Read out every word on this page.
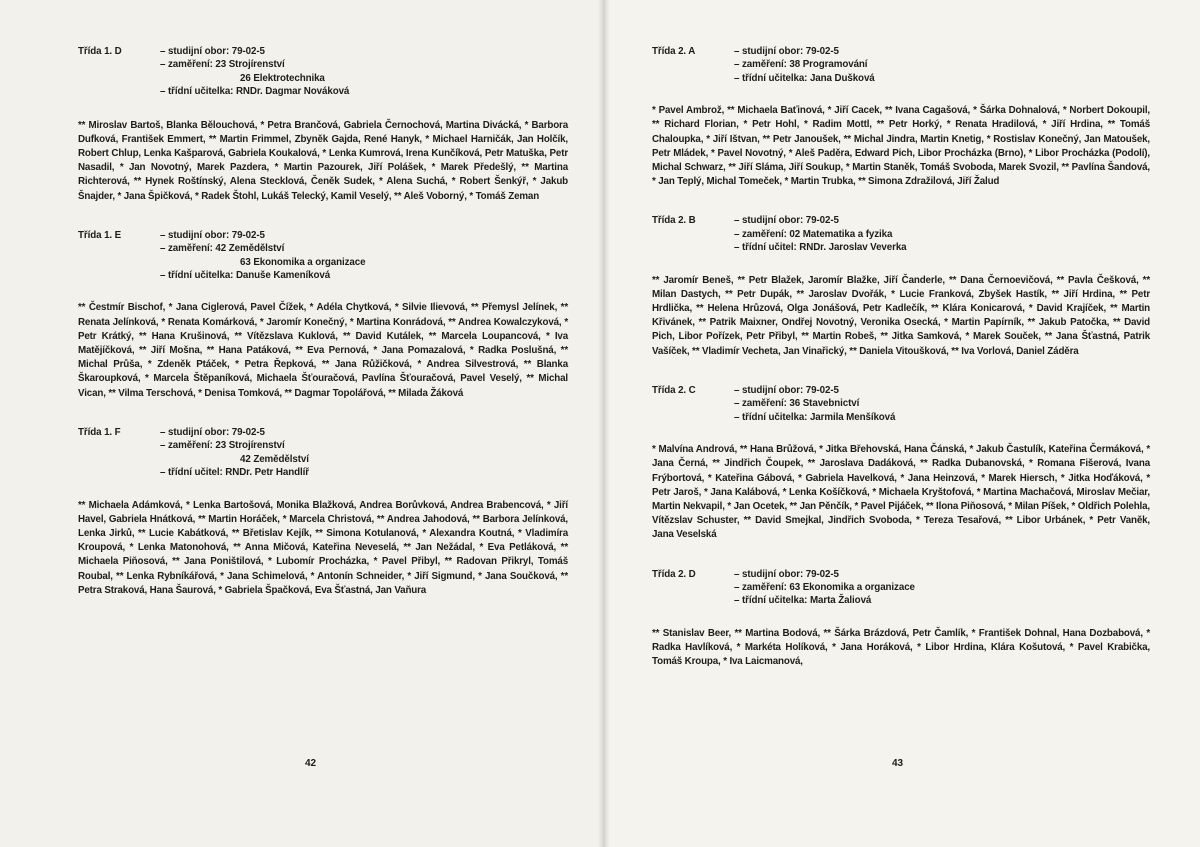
Třída 1. D	– studijní obor: 79-02-5
– zaměření: 23 Strojírenství
26 Elektrotechnika
– třídní učitelka: RNDr. Dagmar Nováková
** Miroslav Bartoš, Blanka Bělouchová, * Petra Brančová, Gabriela Černochová, Martina Divácká, * Barbora Dufková, František Emmert, ** Martin Frimmel, Zbyněk Gajda, René Hanyk, * Michael Harničák, Jan Holčík, Robert Chlup, Lenka Kašparová, Gabriela Koukalová, * Lenka Kumrová, Irena Kunčíková, Petr Matuška, Petr Nasadil, * Jan Novotný, Marek Pazdera, * Martin Pazourek, Jiří Polášek, * Marek Předešlý, ** Martina Richterová, ** Hynek Roštínský, Alena Stecklová, Čeněk Sudek, * Alena Suchá, * Robert Šenkýř, * Jakub Šnajder, * Jana Špičková, * Radek Štohl, Lukáš Telecký, Kamil Veselý, ** Aleš Voborný, * Tomáš Zeman
Třída 1. E	– studijní obor: 79-02-5
– zaměření: 42 Zemědělství
63 Ekonomika a organizace
– třídní učitelka: Danuše Kameníková
** Čestmír Bischof, * Jana Ciglerová, Pavel Čížek, * Adéla Chytková, * Silvie Ilievová, ** Přemysl Jelínek, ** Renata Jelínková, * Renata Komárková, * Jaromír Konečný, * Martina Konrádová, ** Andrea Kowalczyková, * Petr Krátký, ** Hana Krušinová, ** Vítězslava Kuklová, ** David Kutálek, ** Marcela Loupancová, * Iva Matějíčková, ** Jiří Mošna, ** Hana Patáková, ** Eva Pernová, * Jana Pomazalová, * Radka Poslušná, ** Michal Průša, * Zdeněk Ptáček, * Petra Řepková, ** Jana Růžičková, * Andrea Silvestrová, ** Blanka Škaroupková, * Marcela Štěpaníková, Michaela Šťouračová, Pavlína Šťouračová, Pavel Veselý, ** Michal Vican, ** Vilma Terschová, * Denisa Tomková, ** Dagmar Topolářová, ** Milada Žáková
Třída 1. F	– studijní obor: 79-02-5
– zaměření: 23 Strojírenství
42 Zemědělství
– třídní učitel: RNDr. Petr Handlíř
** Michaela Adámková, * Lenka Bartošová, Monika Blažková, Andrea Borůvková, Andrea Brabencová, * Jiří Havel, Gabriela Hnátková, ** Martin Horáček, * Marcela Christová, ** Andrea Jahodová, ** Barbora Jelínková, Lenka Jirků, ** Lucie Kabátková, ** Břetislav Kejík, ** Simona Kotulanová, * Alexandra Koutná, * Vladimíra Kroupová, * Lenka Matonohová, ** Anna Mičová, Kateřina Neveselá, ** Jan Nežádal, * Eva Petláková, ** Michaela Piňosová, ** Jana Poništilová, * Lubomír Procházka, * Pavel Přibyl, ** Radovan Přikryl, Tomáš Roubal, ** Lenka Rybníkářová, * Jana Schimelová, * Antonín Schneider, * Jiří Sigmund, * Jana Součková, ** Petra Straková, Hana Šaurová, * Gabriela Špačková, Eva Šťastná, Jan Vaňura
42
Třída 2. A	– studijní obor: 79-02-5
– zaměření: 38 Programování
– třídní učitelka: Jana Dušková
* Pavel Ambrož, ** Michaela Baťinová, * Jiří Cacek, ** Ivana Cagašová, * Šárka Dohnalová, * Norbert Dokoupil, ** Richard Florian, * Petr Hohl, * Radim Mottl, ** Petr Horký, * Renata Hradilová, * Jiří Hrdina, ** Tomáš Chaloupka, * Jiří Ištvan, ** Petr Janoušek, ** Michal Jindra, Martin Knetig, * Rostislav Konečný, Jan Matoušek, Petr Mládek, * Pavel Novotný, * Aleš Paděra, Edward Pich, Libor Procházka (Brno), * Libor Procházka (Podolí), Michal Schwarz, ** Jiří Sláma, Jiří Soukup, * Martin Staněk, Tomáš Svoboda, Marek Svozil, ** Pavlína Šandová, * Jan Teplý, Michal Tomeček, * Martin Trubka, ** Simona Zdražilová, Jiří Žalud
Třída 2. B	– studijní obor: 79-02-5
– zaměření: 02 Matematika a fyzika
– třídní učitel: RNDr. Jaroslav Veverka
** Jaromír Beneš, ** Petr Blažek, Jaromír Blažke, Jiří Čanderle, ** Dana Černoevičová, ** Pavla Češková, ** Milan Dastych, ** Petr Dupák, ** Jaroslav Dvořák, * Lucie Franková, Zbyšek Hastík, ** Jiří Hrdina, ** Petr Hrdlička, ** Helena Hrůzová, Olga Jonášová, Petr Kadlečík, ** Klára Konicarová, * David Krajíček, ** Martin Křivánek, ** Patrik Maixner, Ondřej Novotný, Veronika Osecká, * Martin Papírník, ** Jakub Patočka, ** David Pich, Libor Pořízek, Petr Přibyl, ** Martin Robeš, ** Jitka Samková, * Marek Souček, ** Jana Šťastná, Patrik Vašíček, ** Vladimír Vecheta, Jan Vinařický, ** Daniela Vitoušková, ** Iva Vorlová, Daniel Záděra
Třída 2. C	– studijní obor: 79-02-5
– zaměření: 36 Stavebnictví
– třídní učitelka: Jarmila Menšíková
* Malvína Andrová, ** Hana Brůžová, * Jitka Břehovská, Hana Čánská, * Jakub Častulík, Kateřina Čermáková, * Jana Černá, ** Jindřich Čoupek, ** Jaroslava Dadáková, ** Radka Dubanovská, * Romana Fišerová, Ivana Frýbortová, * Kateřina Gábová, * Gabriela Havelková, * Jana Heinzová, * Marek Hiersch, * Jitka Hoďáková, * Petr Jaroš, * Jana Kalábová, * Lenka Košíčková, * Michaela Kryštofová, * Martina Machačová, Miroslav Mečiar, Martin Nekvapil, * Jan Ocetek, ** Jan Pěnčík, * Pavel Pijáček, ** Ilona Piňosová, * Milan Píšek, * Oldřich Polehla, Vítězslav Schuster, ** David Smejkal, Jindřich Svoboda, * Tereza Tesařová, ** Libor Urbánek, * Petr Vaněk, Jana Veselská
Třída 2. D	– studijní obor: 79-02-5
– zaměření: 63 Ekonomika a organizace
– třídní učitelka: Marta Žaliová
** Stanislav Beer, ** Martina Bodová, ** Šárka Brázdová, Petr Čamlík, * František Dohnal, Hana Dozbabová, * Radka Havlíková, * Markéta Holíková, * Jana Horáková, * Libor Hrdina, Klára Košutová, * Pavel Krabička, Tomáš Kroupa, * Iva Laicmanová,
43
